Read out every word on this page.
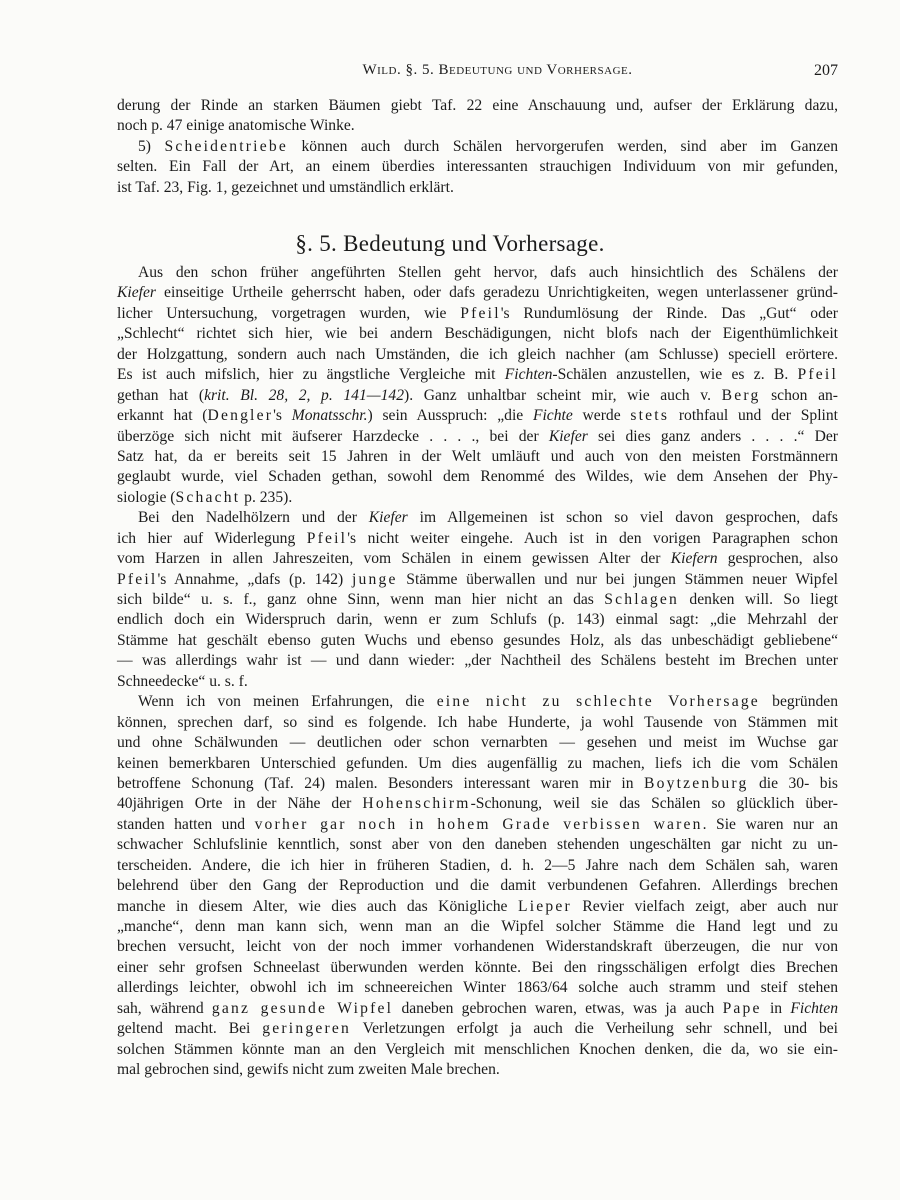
Wild. §. 5. Bedeutung und Vorhersage.	207
derung der Rinde an starken Bäumen giebt Taf. 22 eine Anschauung und, aufser der Erklärung dazu,
noch p. 47 einige anatomische Winke.
5) Scheidentriebe können auch durch Schälen hervorgerufen werden, sind aber im Ganzen
selten. Ein Fall der Art, an einem überdies interessanten strauchigen Individuum von mir gefunden,
ist Taf. 23, Fig. 1, gezeichnet und umständlich erklärt.
§. 5. Bedeutung und Vorhersage.
Aus den schon früher angeführten Stellen geht hervor, dafs auch hinsichtlich des Schälens der
Kiefer einseitige Urtheile geherrscht haben, oder dafs geradezu Unrichtigkeiten, wegen unterlassener gründ-
licher Untersuchung, vorgetragen wurden, wie Pfeil's Rundumlösung der Rinde. Das „Gut“ oder
„Schlecht“ richtet sich hier, wie bei andern Beschädigungen, nicht blofs nach der Eigenthümlichkeit
der Holzgattung, sondern auch nach Umständen, die ich gleich nachher (am Schlusse) speciell erörtere.
Es ist auch mifslich, hier zu ängstliche Vergleiche mit Fichten-Schälen anzustellen, wie es z. B. Pfeil
gethan hat (krit. Bl. 28, 2, p. 141—142). Ganz unhaltbar scheint mir, wie auch v. Berg schon an-
erkannt hat (Dengler's Monatsschr.) sein Ausspruch: „die Fichte werde stets rothfaul und der Splint
überzöge sich nicht mit äufserer Harzdecke . . . ., bei der Kiefer sei dies ganz anders . . . .“ Der
Satz hat, da er bereits seit 15 Jahren in der Welt umläuft und auch von den meisten Forstmännern
geglaubt wurde, viel Schaden gethan, sowohl dem Renommé des Wildes, wie dem Ansehen der Phy-
siologie (Schacht p. 235).
Bei den Nadelhölzern und der Kiefer im Allgemeinen ist schon so viel davon gesprochen, dafs
ich hier auf Widerlegung Pfeil's nicht weiter eingehe. Auch ist in den vorigen Paragraphen schon
vom Harzen in allen Jahreszeiten, vom Schälen in einem gewissen Alter der Kiefern gesprochen, also
Pfeil's Annahme, „dafs (p. 142) junge Stämme überwallen und nur bei jungen Stämmen neuer Wipfel
sich bilde“ u. s. f., ganz ohne Sinn, wenn man hier nicht an das Schlagen denken will. So liegt
endlich doch ein Widerspruch darin, wenn er zum Schlufs (p. 143) einmal sagt: „die Mehrzahl der
Stämme hat geschält ebenso guten Wuchs und ebenso gesundes Holz, als das unbeschädigt gebliebene“
— was allerdings wahr ist — und dann wieder: „der Nachtheil des Schälens besteht im Brechen unter
Schneedecke“ u. s. f.
Wenn ich von meinen Erfahrungen, die eine nicht zu schlechte Vorhersage begründen
können, sprechen darf, so sind es folgende. Ich habe Hunderte, ja wohl Tausende von Stämmen mit
und ohne Schälwunden — deutlichen oder schon vernarbten — gesehen und meist im Wuchse gar
keinen bemerkbaren Unterschied gefunden. Um dies augenfällig zu machen, liefs ich die vom Schälen
betroffene Schonung (Taf. 24) malen. Besonders interessant waren mir in Boytzenburg die 30- bis
40jährigen Orte in der Nähe der Hohenschirm-Schonung, weil sie das Schälen so glücklich über-
standen hatten und vorher gar noch in hohem Grade verbissen waren. Sie waren nur an
schwacher Schlufslinie kenntlich, sonst aber von den daneben stehenden ungeschälten gar nicht zu un-
terscheiden. Andere, die ich hier in früheren Stadien, d. h. 2—5 Jahre nach dem Schälen sah, waren
belehrend über den Gang der Reproduction und die damit verbundenen Gefahren. Allerdings brechen
manche in diesem Alter, wie dies auch das Königliche Lieper Revier vielfach zeigt, aber auch nur
„manche“, denn man kann sich, wenn man an die Wipfel solcher Stämme die Hand legt und zu
brechen versucht, leicht von der noch immer vorhandenen Widerstandskraft überzeugen, die nur von
einer sehr grofsen Schneelast überwunden werden könnte. Bei den ringsschäligen erfolgt dies Brechen
allerdings leichter, obwohl ich im schneereichen Winter 1863/64 solche auch stramm und steif stehen
sah, während ganz gesunde Wipfel daneben gebrochen waren, etwas, was ja auch Pape in Fichten
geltend macht. Bei geringeren Verletzungen erfolgt ja auch die Verheilung sehr schnell, und bei
solchen Stämmen könnte man an den Vergleich mit menschlichen Knochen denken, die da, wo sie ein-
mal gebrochen sind, gewifs nicht zum zweiten Male brechen.
